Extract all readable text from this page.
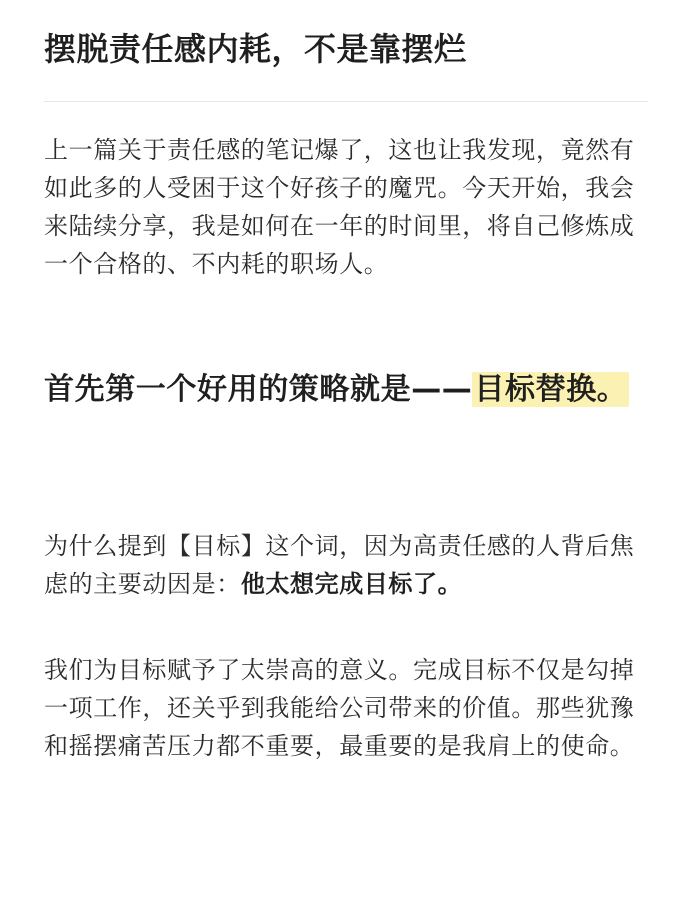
摆脱责任感内耗，不是靠摆烂

上一篇关于责任感的笔记爆了，这也让我发现，竟然有如此多的人受困于这个好孩子的魔咒。今天开始，我会来陆续分享，我是如何在一年的时间里，将自己修炼成一个合格的、不内耗的职场人。

首先第一个好用的策略就是——目标替换。

为什么提到【目标】这个词，因为高责任感的人背后焦虑的主要动因是：他太想完成目标了。

我们为目标赋予了太崇高的意义。完成目标不仅是勾掉一项工作，还关乎到我能给公司带来的价值。那些犹豫和摇摆痛苦压力都不重要，最重要的是我肩上的使命。
